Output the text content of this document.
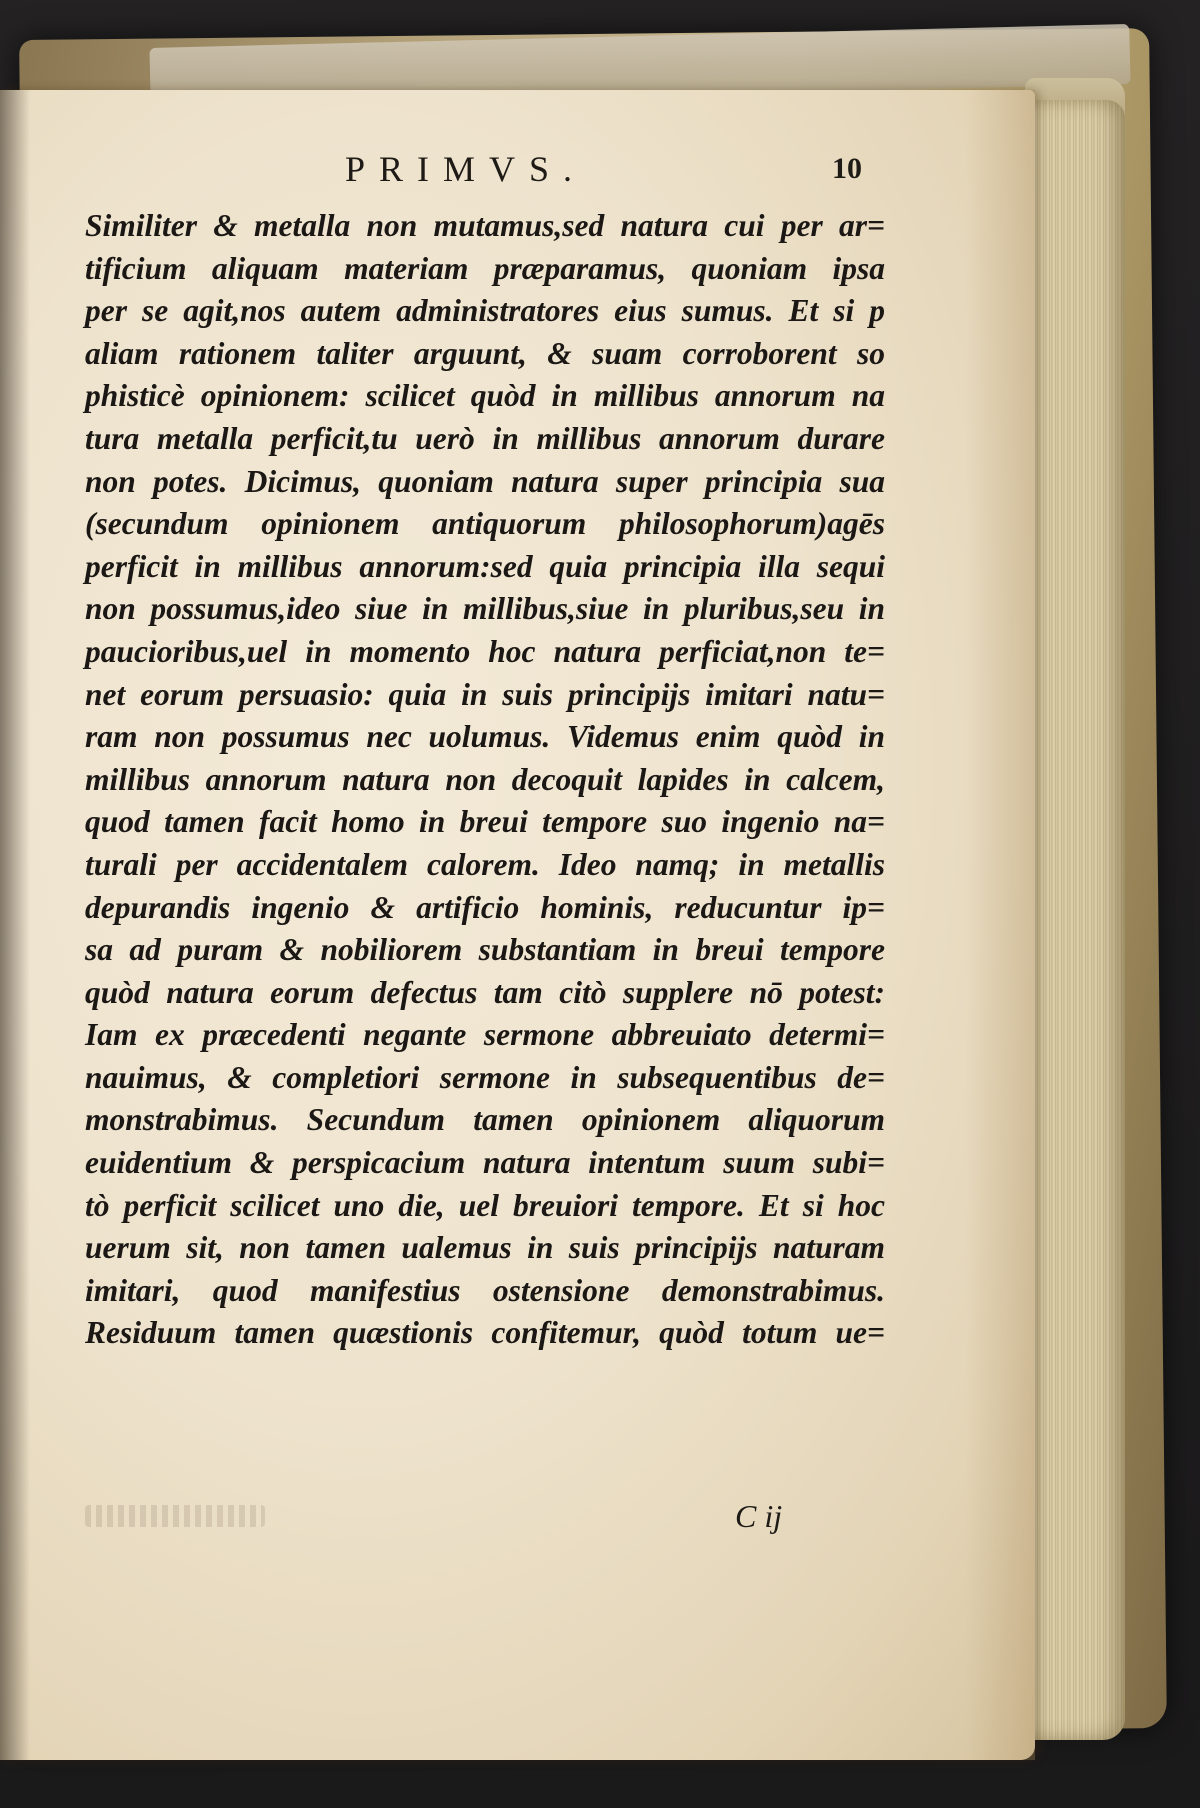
PRIMVS.	10
Similiter & metalla non mutamus,sed natura cui per ar=
tificium aliquam materiam præparamus, quoniam ipsa
per se agit,nos autem administratores eius sumus. Et si p
aliam rationem taliter arguunt, & suam corroborent so
phisticè opinionem: scilicet quòd in millibus annorum na
tura metalla perficit,tu uerò in millibus annorum durare
non potes. Dicimus, quoniam natura super principia sua
(secundum opinionem antiquorum philosophorum)agēs
perficit in millibus annorum:sed quia principia illa sequi
non possumus,ideo siue in millibus,siue in pluribus,seu in
paucioribus,uel in momento hoc natura perficiat,non te=
net eorum persuasio: quia in suis principijs imitari natu=
ram non possumus nec uolumus. Videmus enim quòd in
millibus annorum natura non decoquit lapides in calcem,
quod tamen facit homo in breui tempore suo ingenio na=
turali per accidentalem calorem. Ideo namq; in metallis
depurandis ingenio & artificio hominis, reducuntur ip=
sa ad puram & nobiliorem substantiam in breui tempore
quòd natura eorum defectus tam citò supplere nō potest:
Iam ex præcedenti negante sermone abbreuiato determi=
nauimus, & completiori sermone in subsequentibus de=
monstrabimus. Secundum tamen opinionem aliquorum
euidentium & perspicacium natura intentum suum subi=
tò perficit scilicet uno die, uel breuiori tempore. Et si hoc
uerum sit, non tamen ualemus in suis principijs naturam
imitari, quod manifestius ostensione demonstrabimus.
Residuum tamen quæstionis confitemur, quòd totum ue=
C ij
